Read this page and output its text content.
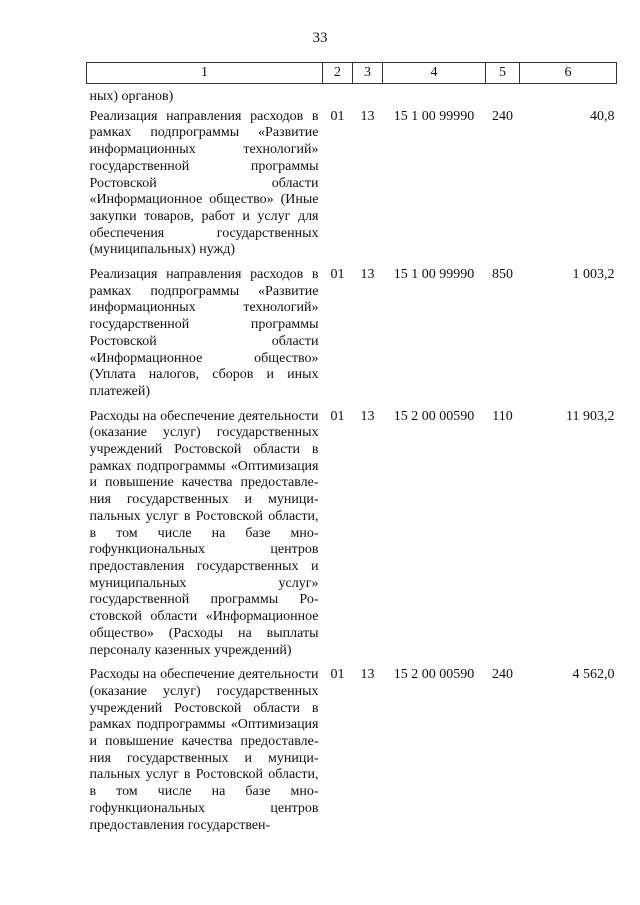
33
1	2	3	4	5	6
ных) органов)					
Реализация направления расходов в рамках подпрограммы «Развитие информационных технологий» государственной программы Ростовской области «Информационное общество» (Иные закупки товаров, работ и услуг для обеспечения государственных (муниципальных) нужд)	01	13	15 1 00 99990	240	40,8
Реализация направления расходов в рамках подпрограммы «Развитие информационных технологий» государственной программы Ростовской области «Информационное общество» (Уплата налогов, сборов и иных платежей)	01	13	15 1 00 99990	850	1 003,2
Расходы на обеспечение деятельности (оказание услуг) государственных учреждений Ростовской области в рамках подпрограммы «Оптимизация и повышение качества предоставления государственных и муниципальных услуг в Ростовской области, в том числе на базе многофункциональных центров предоставления государственных и муниципальных услуг» государственной программы Ростовской области «Информационное общество» (Расходы на выплаты персоналу казенных учреждений)	01	13	15 2 00 00590	110	11 903,2
Расходы на обеспечение деятельности (оказание услуг) государственных учреждений Ростовской области в рамках подпрограммы «Оптимизация и повышение качества предоставления государственных и муниципальных услуг в Ростовской области, в том числе на базе многофункциональных центров предоставления государствен-	01	13	15 2 00 00590	240	4 562,0
